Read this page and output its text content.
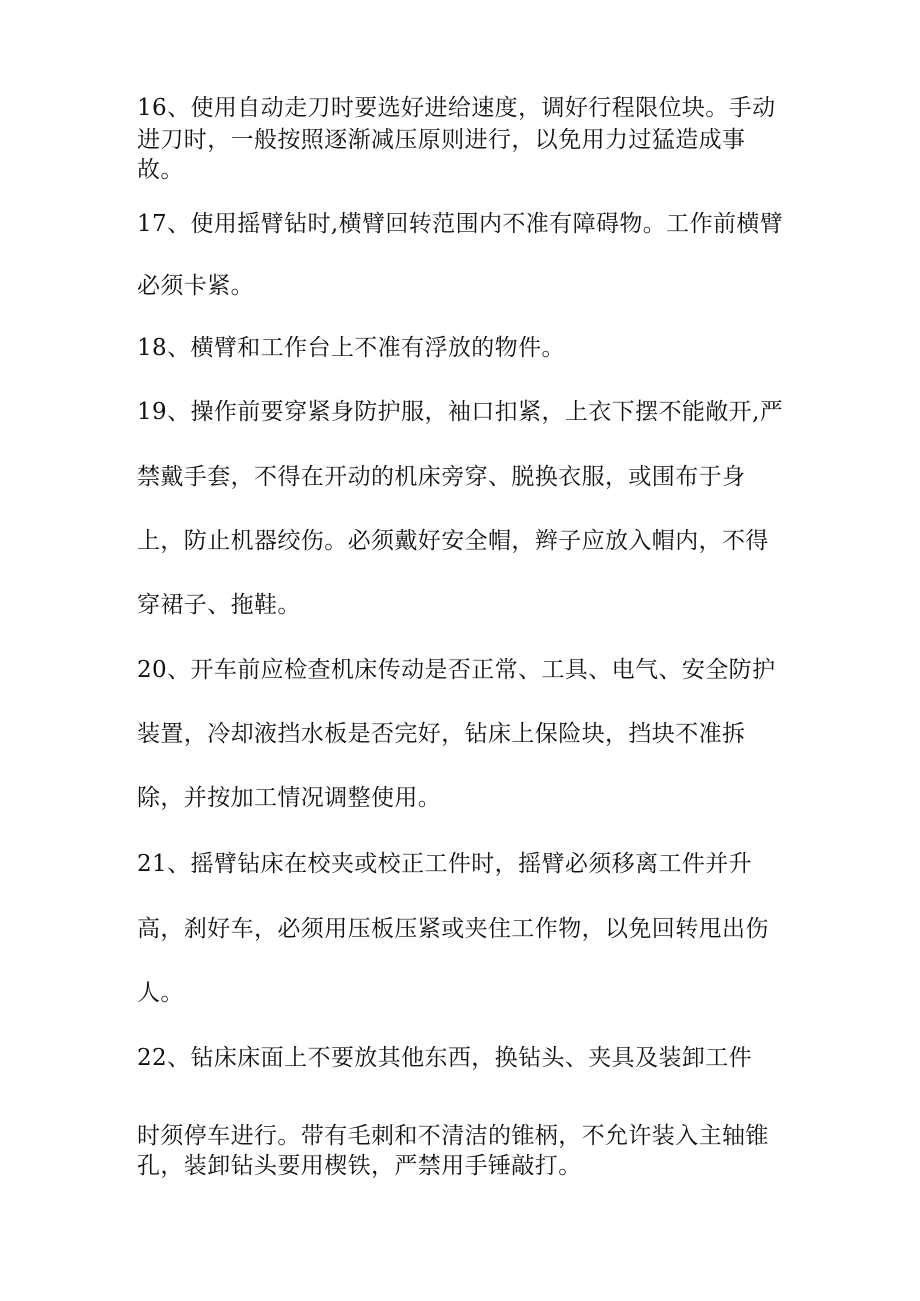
16、使用自动走刀时要选好进给速度，调好行程限位块。手动
进刀时，一般按照逐渐减压原则进行，以免用力过猛造成事
故。
17、使用摇臂钻时,横臂回转范围内不准有障碍物。工作前横臂
必须卡紧。
18、横臂和工作台上不准有浮放的物件。
19、操作前要穿紧身防护服，袖口扣紧，上衣下摆不能敞开,严
禁戴手套，不得在开动的机床旁穿、脱换衣服，或围布于身
上，防止机器绞伤。必须戴好安全帽，辫子应放入帽内，不得
穿裙子、拖鞋。
20、开车前应检查机床传动是否正常、工具、电气、安全防护
装置，冷却液挡水板是否完好，钻床上保险块，挡块不准拆
除，并按加工情况调整使用。
21、摇臂钻床在校夹或校正工件时，摇臂必须移离工件并升
高，刹好车，必须用压板压紧或夹住工作物，以免回转甩出伤
人。
22、钻床床面上不要放其他东西，换钻头、夹具及装卸工件
时须停车进行。带有毛刺和不清洁的锥柄，不允许装入主轴锥
孔，装卸钻头要用楔铁，严禁用手锤敲打。
